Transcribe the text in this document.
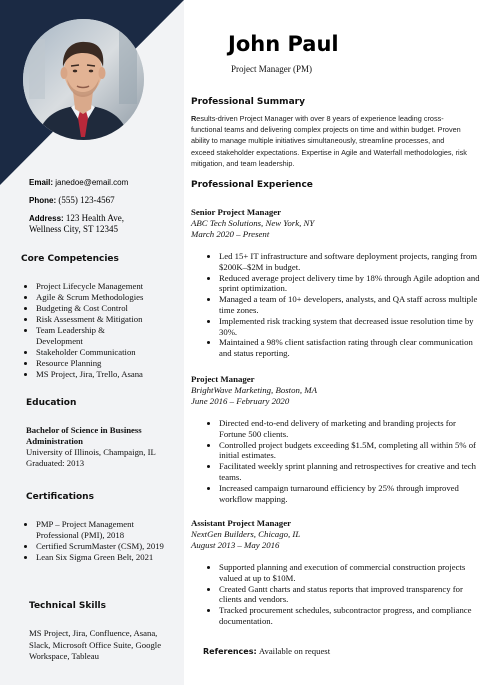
Email: janedoe@email.com
Phone: (555) 123-4567
Address: 123 Health Ave,
Wellness City, ST 12345
Core Competencies
• Project Lifecycle Management
• Agile & Scrum Methodologies
• Budgeting & Cost Control
• Risk Assessment & Mitigation
• Team Leadership & Development
• Stakeholder Communication
• Resource Planning
• MS Project, Jira, Trello, Asana
Education
Bachelor of Science in Business Administration
University of Illinois, Champaign, IL
Graduated: 2013
Certifications
• PMP – Project Management Professional (PMI), 2018
• Certified ScrumMaster (CSM), 2019
• Lean Six Sigma Green Belt, 2021
Technical Skills
MS Project, Jira, Confluence, Asana, Slack, Microsoft Office Suite, Google Workspace, Tableau
John Paul
Project Manager (PM)
Professional Summary
Results-driven Project Manager with over 8 years of experience leading cross-functional teams and delivering complex projects on time and within budget. Proven ability to manage multiple initiatives simultaneously, streamline processes, and exceed stakeholder expectations. Expertise in Agile and Waterfall methodologies, risk mitigation, and team leadership.
Professional Experience
Senior Project Manager
ABC Tech Solutions, New York, NY
March 2020 – Present
• Led 15+ IT infrastructure and software deployment projects, ranging from $200K–$2M in budget.
• Reduced average project delivery time by 18% through Agile adoption and sprint optimization.
• Managed a team of 10+ developers, analysts, and QA staff across multiple time zones.
• Implemented risk tracking system that decreased issue resolution time by 30%.
• Maintained a 98% client satisfaction rating through clear communication and status reporting.
Project Manager
BrightWave Marketing, Boston, MA
June 2016 – February 2020
• Directed end-to-end delivery of marketing and branding projects for Fortune 500 clients.
• Controlled project budgets exceeding $1.5M, completing all within 5% of initial estimates.
• Facilitated weekly sprint planning and retrospectives for creative and tech teams.
• Increased campaign turnaround efficiency by 25% through improved workflow mapping.
Assistant Project Manager
NextGen Builders, Chicago, IL
August 2013 – May 2016
• Supported planning and execution of commercial construction projects valued at up to $10M.
• Created Gantt charts and status reports that improved transparency for clients and vendors.
• Tracked procurement schedules, subcontractor progress, and compliance documentation.
References: Available on request
